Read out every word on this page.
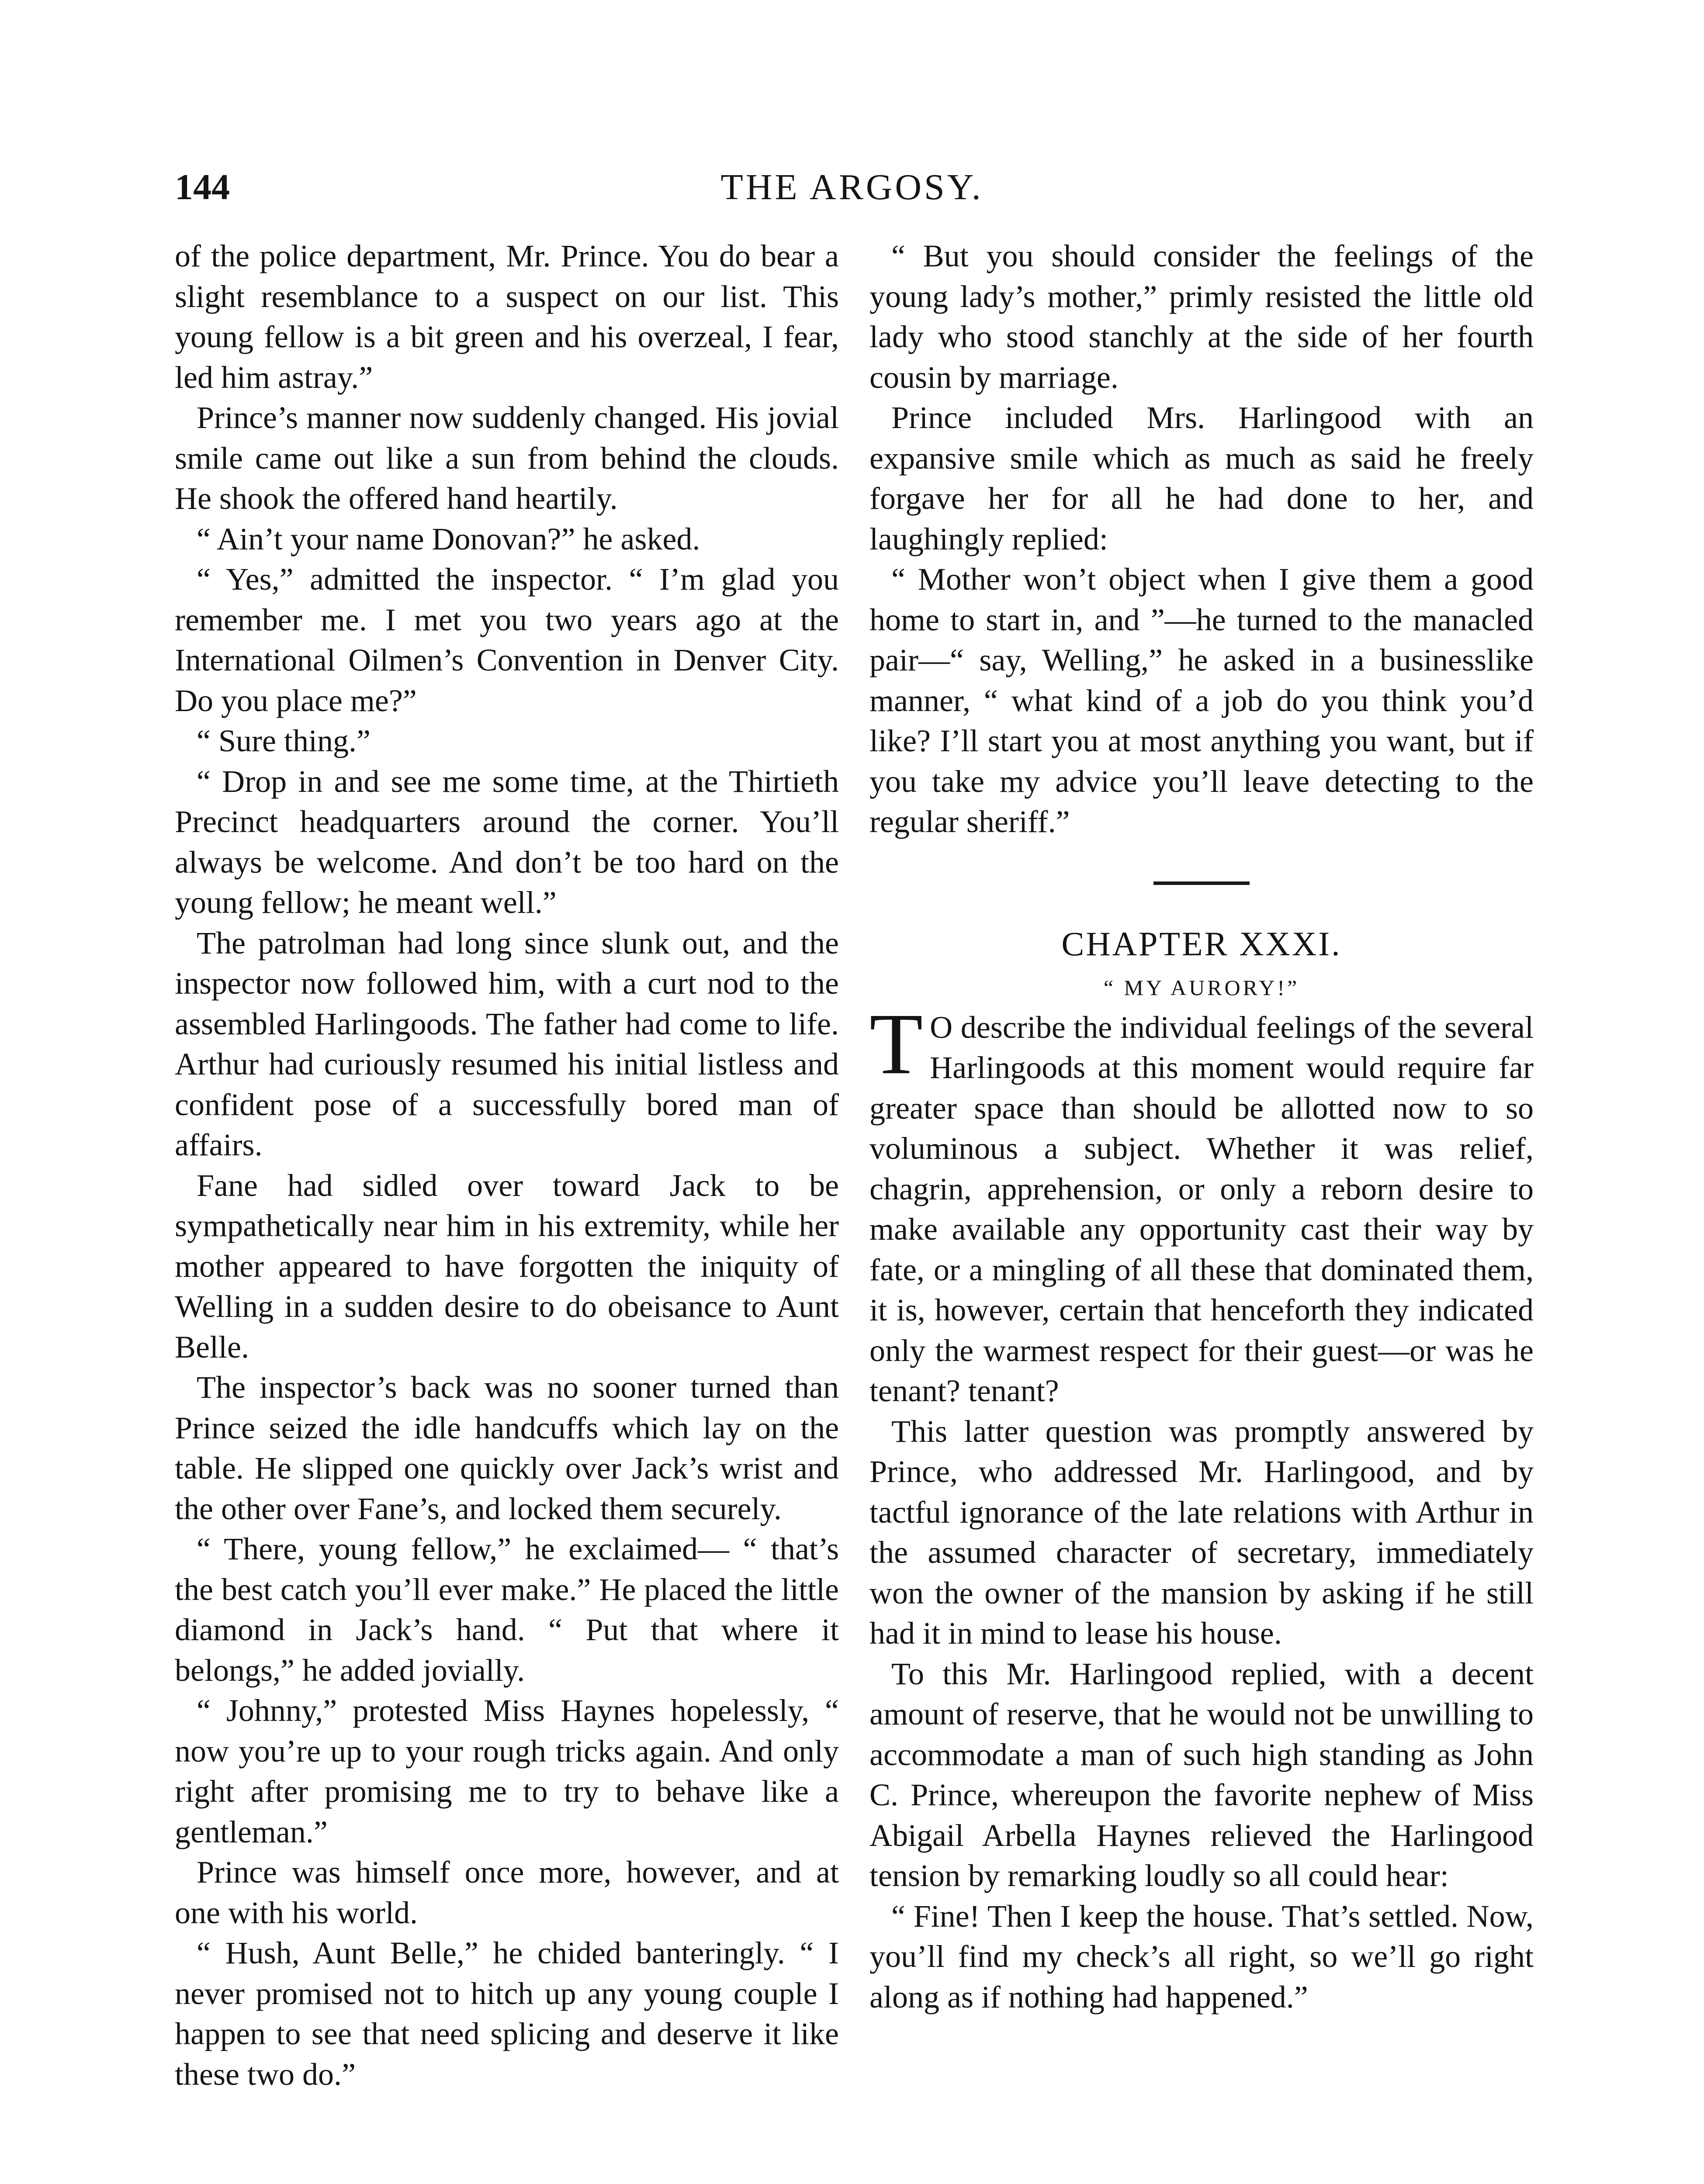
144	THE ARGOSY.

of the police department, Mr. Prince. You do bear a slight resemblance to a suspect on our list. This young fellow is a bit green and his overzeal, I fear, led him astray.”

Prince’s manner now suddenly changed. His jovial smile came out like a sun from behind the clouds. He shook the offered hand heartily.

“ Ain’t your name Donovan?” he asked.

“ Yes,” admitted the inspector. “ I’m glad you remember me. I met you two years ago at the International Oilmen’s Convention in Denver City. Do you place me?”

“ Sure thing.”

“ Drop in and see me some time, at the Thirtieth Precinct headquarters around the corner. You’ll always be welcome. And don’t be too hard on the young fellow; he meant well.”

The patrolman had long since slunk out, and the inspector now followed him, with a curt nod to the assembled Harlingoods. The father had come to life. Arthur had curiously resumed his initial listless and confident pose of a successfully bored man of affairs.

Fane had sidled over toward Jack to be sympathetically near him in his extremity, while her mother appeared to have forgotten the iniquity of Welling in a sudden desire to do obeisance to Aunt Belle.

The inspector’s back was no sooner turned than Prince seized the idle handcuffs which lay on the table. He slipped one quickly over Jack’s wrist and the other over Fane’s, and locked them securely.

“ There, young fellow,” he exclaimed— “ that’s the best catch you’ll ever make.” He placed the little diamond in Jack’s hand. “ Put that where it belongs,” he added jovially.

“ Johnny,” protested Miss Haynes hopelessly, “ now you’re up to your rough tricks again. And only right after promising me to try to behave like a gentleman.”

Prince was himself once more, however, and at one with his world.

“ Hush, Aunt Belle,” he chided banteringly. “ I never promised not to hitch up any young couple I happen to see that need splicing and deserve it like these two do.”

“ But you should consider the feelings of the young lady’s mother,” primly resisted the little old lady who stood stanchly at the side of her fourth cousin by marriage.

Prince included Mrs. Harlingood with an expansive smile which as much as said he freely forgave her for all he had done to her, and laughingly replied:

“ Mother won’t object when I give them a good home to start in, and ”—he turned to the manacled pair—“ say, Welling,” he asked in a businesslike manner, “ what kind of a job do you think you’d like? I’ll start you at most anything you want, but if you take my advice you’ll leave detecting to the regular sheriff.”

CHAPTER XXXI.

“ MY AURORY!”

T O describe the individual feelings of the several Harlingoods at this moment would require far greater space than should be allotted now to so voluminous a subject. Whether it was relief, chagrin, apprehension, or only a reborn desire to make available any opportunity cast their way by fate, or a mingling of all these that dominated them, it is, however, certain that henceforth they indicated only the warmest respect for their guest—or was he tenant? tenant?

This latter question was promptly answered by Prince, who addressed Mr. Harlingood, and by tactful ignorance of the late relations with Arthur in the assumed character of secretary, immediately won the owner of the mansion by asking if he still had it in mind to lease his house.

To this Mr. Harlingood replied, with a decent amount of reserve, that he would not be unwilling to accommodate a man of such high standing as John C. Prince, whereupon the favorite nephew of Miss Abigail Arbella Haynes relieved the Harlingood tension by remarking loudly so all could hear:

“ Fine! Then I keep the house. That’s settled. Now, you’ll find my check’s all right, so we’ll go right along as if nothing had happened.”
